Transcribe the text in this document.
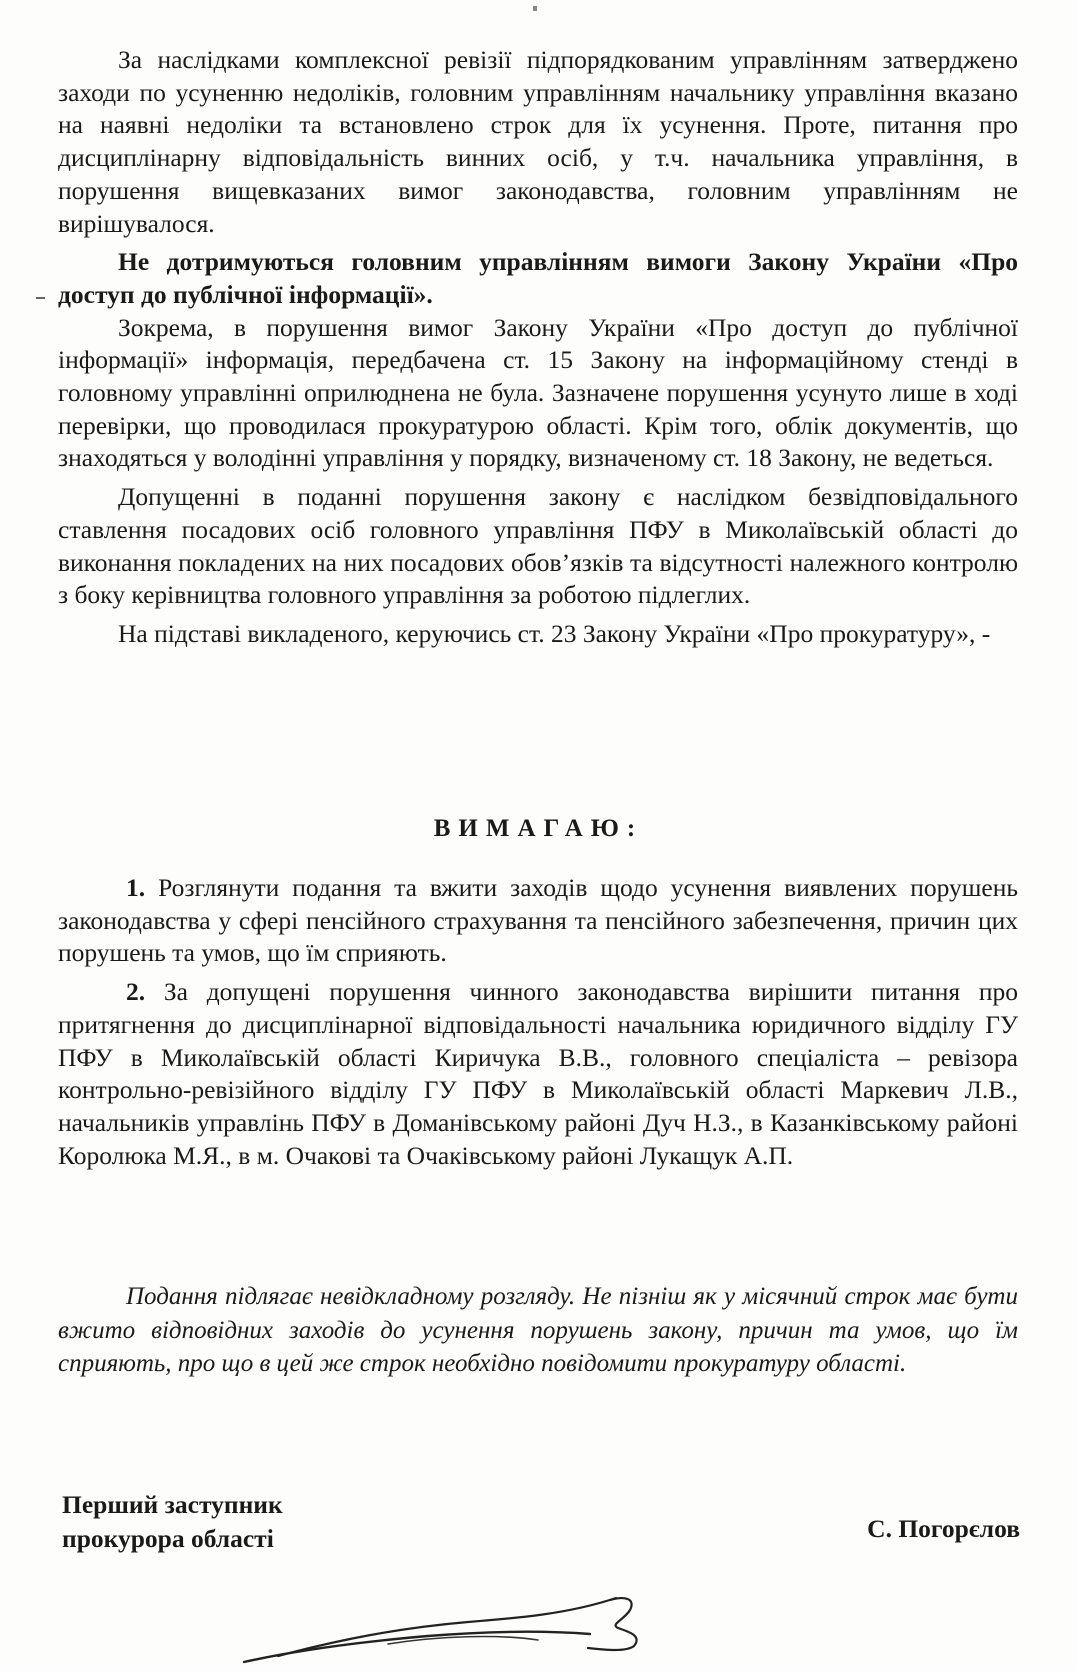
За наслідками комплексної ревізії підпорядкованим управлінням затверджено заходи по усуненню недоліків, головним управлінням начальнику управління вказано на наявні недоліки та встановлено строк для їх усунення. Проте, питання про дисциплінарну відповідальність винних осіб, у т.ч. начальника управління, в порушення вищевказаних вимог законодавства, головним управлінням не вирішувалося.

Не дотримуються головним управлінням вимоги Закону України «Про доступ до публічної інформації».

Зокрема, в порушення вимог Закону України «Про доступ до публічної інформації» інформація, передбачена ст. 15 Закону на інформаційному стенді в головному управлінні оприлюднена не була. Зазначене порушення усунуто лише в ході перевірки, що проводилася прокуратурою області. Крім того, облік документів, що знаходяться у володінні управління у порядку, визначеному ст. 18 Закону, не ведеться.

Допущенні в поданні порушення закону є наслідком безвідповідального ставлення посадових осіб головного управління ПФУ в Миколаївській області до виконання покладених на них посадових обов’язків та відсутності належного контролю з боку керівництва головного управління за роботою підлеглих.

На підставі викладеного, керуючись ст. 23 Закону України «Про прокуратуру», -

ВИМАГАЮ:

1. Розглянути подання та вжити заходів щодо усунення виявлених порушень законодавства у сфері пенсійного страхування та пенсійного забезпечення, причин цих порушень та умов, що їм сприяють.

2. За допущені порушення чинного законодавства вирішити питання про притягнення до дисциплінарної відповідальності начальника юридичного відділу ГУ ПФУ в Миколаївській області Киричука В.В., головного спеціаліста – ревізора контрольно-ревізійного відділу ГУ ПФУ в Миколаївській області Маркевич Л.В., начальників управлінь ПФУ в Доманівському районі Дуч Н.З., в Казанківському районі Королюка М.Я., в м. Очакові та Очаківському районі Лукащук А.П.

Подання підлягає невідкладному розгляду. Не пізніш як у місячний строк має бути вжито відповідних заходів до усунення порушень закону, причин та умов, що їм сприяють, про що в цей же строк необхідно повідомити прокуратуру області.

Перший заступник
прокурора області	С. Погорєлов
